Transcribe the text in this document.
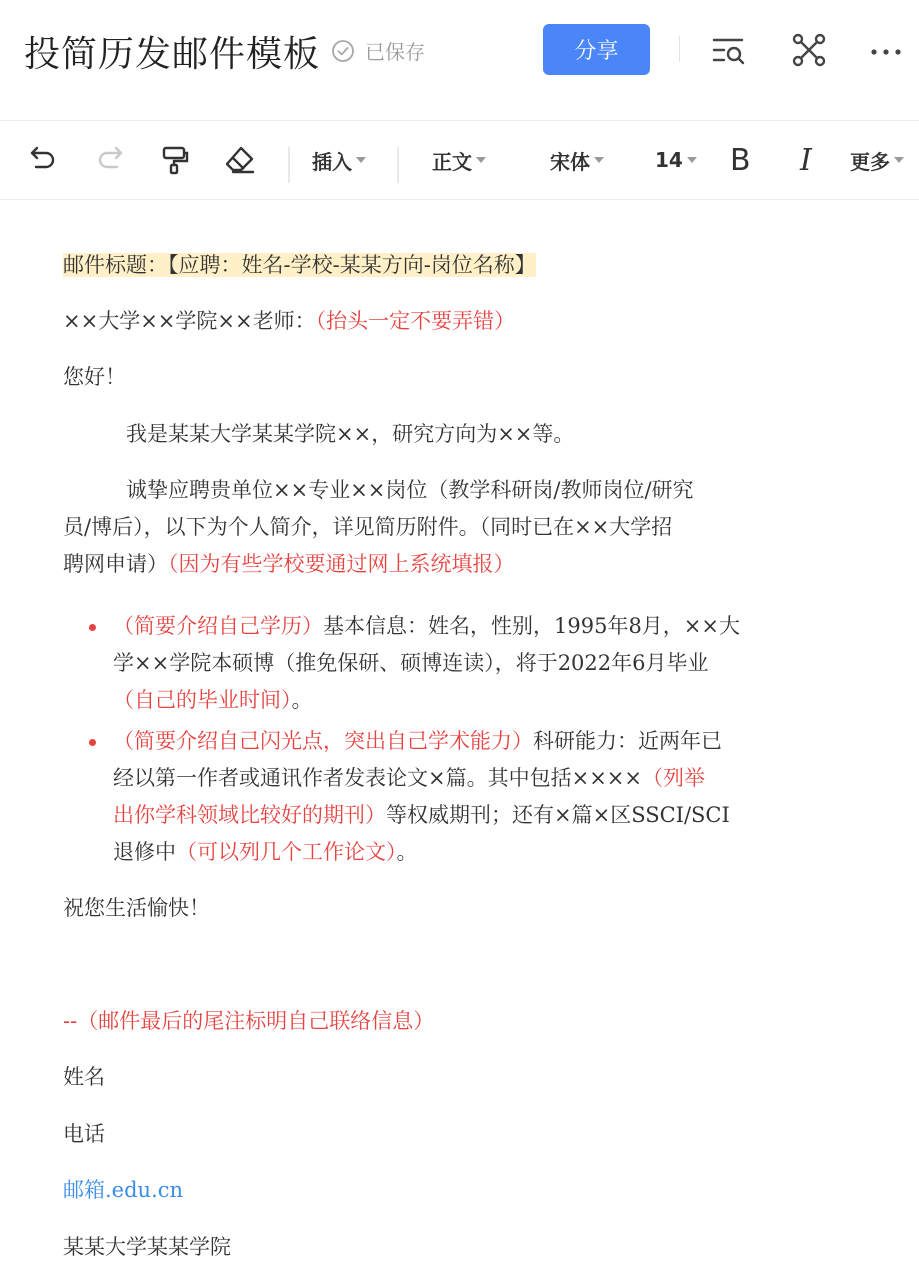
投简历发邮件模板 已保存	分享
插入	正文	宋体	14 B I 更多
邮件标题：【应聘：姓名-学校-某某方向-岗位名称】
××大学××学院××老师：（抬头一定不要弄错）
您好！
我是某某大学某某学院××，研究方向为××等。
诚挚应聘贵单位××专业××岗位（教学科研岗/教师岗位/研究
员/博后），以下为个人简介，详见简历附件。（同时已在××大学招
聘网申请）（因为有些学校要通过网上系统填报）
（简要介绍自己学历）基本信息：姓名，性别，1995年8月，××大
学××学院本硕博（推免保研、硕博连读），将于2022年6月毕业
（自己的毕业时间）。
（简要介绍自己闪光点，突出自己学术能力）科研能力：近两年已
经以第一作者或通讯作者发表论文×篇。其中包括××××（列举
出你学科领域比较好的期刊）等权威期刊；还有×篇×区SSCI/SCI
退修中（可以列几个工作论文）。
祝您生活愉快！
--（邮件最后的尾注标明自己联络信息）
姓名
电话
邮箱.edu.cn
某某大学某某学院
